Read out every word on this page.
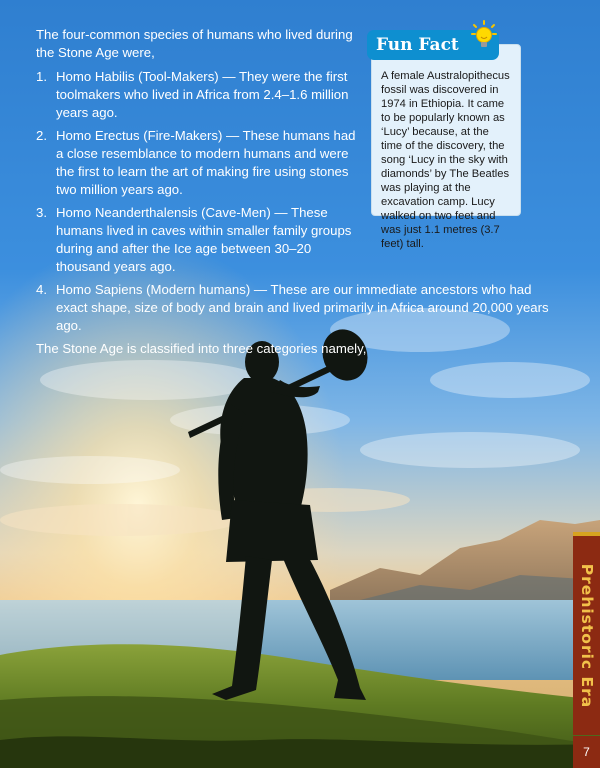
The four-common species of humans who lived during the Stone Age were,
1. Homo Habilis (Tool-Makers) — They were the first toolmakers who lived in Africa from 2.4–1.6 million years ago.
2. Homo Erectus (Fire-Makers) — These humans had a close resemblance to modern humans and were the first to learn the art of making fire using stones two million years ago.
3. Homo Neanderthalensis (Cave-Men) — These humans lived in caves within smaller family groups during and after the Ice age between 30–20 thousand years ago.
4. Homo Sapiens (Modern humans) — These are our immediate ancestors who had exact shape, size of body and brain and lived primarily in Africa around 20,000 years ago.
The Stone Age is classified into three categories namely,
A female Australopithecus fossil was discovered in 1974 in Ethiopia. It came to be popularly known as ‘Lucy’ because, at the time of the discovery, the song ‘Lucy in the sky with diamonds’ by The Beatles was playing at the excavation camp. Lucy walked on two feet and was just 1.1 metres (3.7 feet) tall.
Fun Fact
Prehistoric Era
7
